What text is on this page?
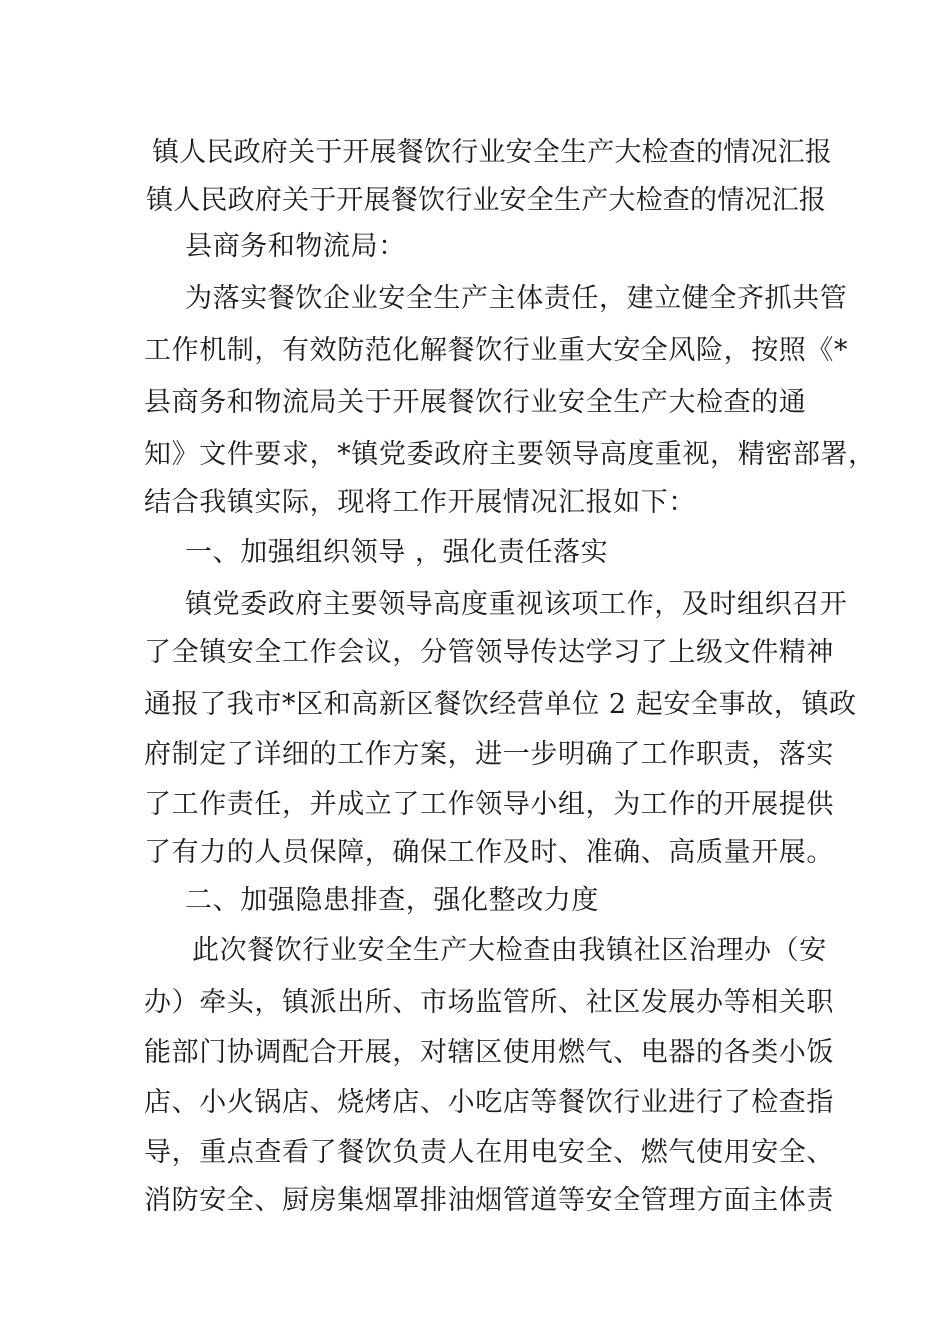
镇人民政府关于开展餐饮行业安全生产大检查的情况汇报
镇人民政府关于开展餐饮行业安全生产大检查的情况汇报
县商务和物流局：
为落实餐饮企业安全生产主体责任，建立健全齐抓共管
工作机制，有效防范化解餐饮行业重大安全风险，按照《*
县商务和物流局关于开展餐饮行业安全生产大检查的通
知》文件要求，*镇党委政府主要领导高度重视，精密部署，
结合我镇实际，现将工作开展情况汇报如下：
一、加强组织领导 ，强化责任落实
镇党委政府主要领导高度重视该项工作，及时组织召开
了全镇安全工作会议，分管领导传达学习了上级文件精神
通报了我市*区和高新区餐饮经营单位 2 起安全事故，镇政
府制定了详细的工作方案，进一步明确了工作职责，落实
了工作责任，并成立了工作领导小组，为工作的开展提供
了有力的人员保障，确保工作及时、准确、高质量开展。
二、加强隐患排查，强化整改力度
此次餐饮行业安全生产大检查由我镇社区治理办（安
办）牵头，镇派出所、市场监管所、社区发展办等相关职
能部门协调配合开展，对辖区使用燃气、电器的各类小饭
店、小火锅店、烧烤店、小吃店等餐饮行业进行了检查指
导，重点查看了餐饮负责人在用电安全、燃气使用安全、
消防安全、厨房集烟罩排油烟管道等安全管理方面主体责
